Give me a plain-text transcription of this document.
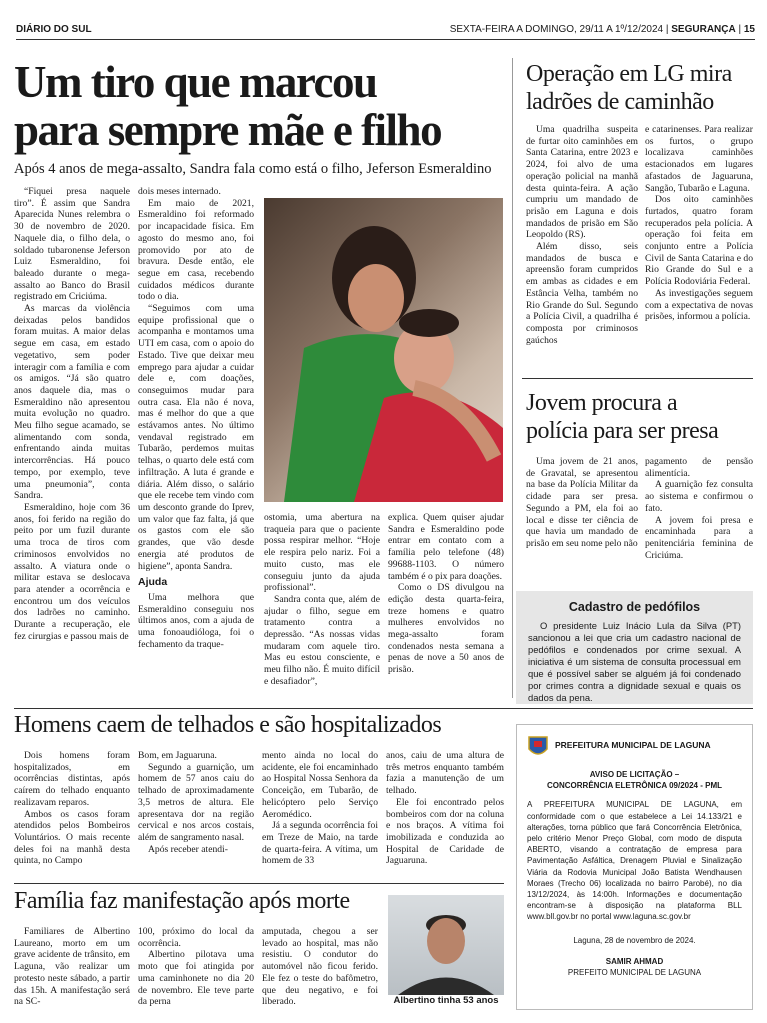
DIÁRIO DO SUL	SEXTA-FEIRA A DOMINGO, 29/11 A 1º/12/2024 | SEGURANÇA | 15
Um tiro que marcou
para sempre mãe e filho
Após 4 anos de mega-assalto, Sandra fala como está o filho, Jeferson Esmeraldino

“Fiquei presa naquele tiro”. É assim que Sandra Aparecida Nunes relembra o 30 de novembro de 2020. Naquele dia, o filho dela, o soldado tubaronense Jeferson Luiz Esmeraldino, foi baleado durante o mega-assalto ao Banco do Brasil registrado em Criciúma.

As marcas da violência deixadas pelos bandidos foram muitas. A maior delas segue em casa, em estado vegetativo, sem poder interagir com a família e com os amigos. “Já são quatro anos daquele dia, mas o Esmeraldino não apresentou muita evolução no quadro. Meu filho segue acamado, se alimentando com sonda, enfrentando ainda muitas intercorrências. Há pouco tempo, por exemplo, teve uma pneumonia”, conta Sandra.

Esmeraldino, hoje com 36 anos, foi ferido na região do peito por um fuzil durante uma troca de tiros com criminosos envolvidos no assalto. A viatura onde o militar estava se deslocava para atender a ocorrência e encontrou um dos veículos dos ladrões no caminho. Durante a recuperação, ele fez cirurgias e passou mais de

dois meses internado.

Em maio de 2021, Esmeraldino foi reformado por incapacidade física. Em agosto do mesmo ano, foi promovido por ato de bravura. Desde então, ele segue em casa, recebendo cuidados médicos durante todo o dia.

“Seguimos com uma equipe profissional que o acompanha e montamos uma UTI em casa, com o apoio do Estado. Tive que deixar meu emprego para ajudar a cuidar dele e, com doações, conseguimos mudar para outra casa. Ela não é nova, mas é melhor do que a que estávamos antes. No último vendaval registrado em Tubarão, perdemos muitas telhas, o quarto dele está com infiltração. A luta é grande e diária. Além disso, o salário que ele recebe tem vindo com um desconto grande do Iprev, um valor que faz falta, já que os gastos com ele são grandes, que vão desde energia até produtos de higiene”, aponta Sandra.

Ajuda

Uma melhora que Esmeraldino conseguiu nos últimos anos, com a ajuda de uma fonoaudióloga, foi o fechamento da traque-

ostomia, uma abertura na traqueia para que o paciente possa respirar melhor. “Hoje ele respira pelo nariz. Foi a muito custo, mas ele conseguiu junto da ajuda profissional”.

Sandra conta que, além de ajudar o filho, segue em tratamento contra a depressão. “As nossas vidas mudaram com aquele tiro. Mas eu estou consciente, e meu filho não. É muito difícil e desafiador”,

explica. Quem quiser ajudar Sandra e Esmeraldino pode entrar em contato com a família pelo telefone (48) 99688-1103. O número também é o pix para doações.

Como o DS divulgou na edição desta quarta-feira, treze homens e quatro mulheres envolvidos no mega-assalto foram condenados nesta semana a penas de nove a 50 anos de prisão.

Operação em LG mira
ladrões de caminhão

Uma quadrilha suspeita de furtar oito caminhões em Santa Catarina, entre 2023 e 2024, foi alvo de uma operação policial na manhã desta quinta-feira. A ação cumpriu um mandado de prisão em Laguna e dois mandados de prisão em São Leopoldo (RS).

Além disso, seis mandados de busca e apreensão foram cumpridos em ambas as cidades e em Estância Velha, também no Rio Grande do Sul. Segundo a Polícia Civil, a quadrilha é composta por criminosos gaúchos

e catarinenses. Para realizar os furtos, o grupo localizava caminhões estacionados em lugares afastados de Jaguaruna, Sangão, Tubarão e Laguna.

Dos oito caminhões furtados, quatro foram recuperados pela polícia. A operação foi feita em conjunto entre a Polícia Civil de Santa Catarina e do Rio Grande do Sul e a Polícia Rodoviária Federal.

As investigações seguem com a expectativa de novas prisões, informou a polícia.

Jovem procura a
polícia para ser presa

Uma jovem de 21 anos, de Gravatal, se apresentou na base da Polícia Militar da cidade para ser presa. Segundo a PM, ela foi ao local e disse ter ciência de que havia um mandado de prisão em seu nome pelo não

pagamento de pensão alimentícia.

A guarnição fez consulta ao sistema e confirmou o fato.

A jovem foi presa e encaminhada para a penitenciária feminina de Criciúma.

Cadastro de pedófilos
O presidente Luiz Inácio Lula da Silva (PT) sancionou a lei que cria um cadastro nacional de pedófilos e condenados por crime sexual. A iniciativa é um sistema de consulta processual em que é possível saber se alguém já foi condenado por crimes contra a dignidade sexual e quais os dados da pena.
Homens caem de telhados e são hospitalizados

Dois homens foram hospitalizados, em ocorrências distintas, após caírem do telhado enquanto realizavam reparos.

Ambos os casos foram atendidos pelos Bombeiros Voluntários. O mais recente deles foi na manhã desta quinta, no Campo

Bom, em Jaguaruna.

Segundo a guarnição, um homem de 57 anos caiu do telhado de aproximadamente 3,5 metros de altura. Ele apresentava dor na região cervical e nos arcos costais, além de sangramento nasal.

Após receber atendi-

mento ainda no local do acidente, ele foi encaminhado ao Hospital Nossa Senhora da Conceição, em Tubarão, de helicóptero pelo Serviço Aeromédico.

Já a segunda ocorrência foi em Treze de Maio, na tarde de quarta-feira. A vítima, um homem de 33

anos, caiu de uma altura de três metros enquanto também fazia a manutenção de um telhado.

Ele foi encontrado pelos bombeiros com dor na coluna e nos braços. A vítima foi imobilizada e conduzida ao Hospital de Caridade de Jaguaruna.

Família faz manifestação após morte

Familiares de Albertino Laureano, morto em um grave acidente de trânsito, em Laguna, vão realizar um protesto neste sábado, a partir das 15h. A manifestação será na SC-

100, próximo do local da ocorrência.

Albertino pilotava uma moto que foi atingida por uma caminhonete no dia 20 de novembro. Ele teve parte da perna

amputada, chegou a ser levado ao hospital, mas não resistiu. O condutor do automóvel não ficou ferido. Ele fez o teste do bafômetro, que deu negativo, e foi liberado.	Albertino tinha 53 anos
PREFEITURA MUNICIPAL DE LAGUNA
AVISO DE LICITAÇÃO –
CONCORRÊNCIA ELETRÔNICA 09/2024 - PML
A PREFEITURA MUNICIPAL DE LAGUNA, em conformidade com o que estabelece a Lei 14.133/21 e alterações, torna público que fará Concorrência Eletrônica, pelo critério Menor Preço Global, com modo de disputa ABERTO, visando a contratação de empresa para Pavimentação Asfáltica, Drenagem Pluvial e Sinalização Viária da Rodovia Municipal João Batista Wendhausen Moraes (Trecho 06) localizada no bairro Parobé), no dia 13/12/2024, às 14:00h. Informações e documentação encontram-se à disposição na plataforma BLL www.bll.gov.br no portal www.laguna.sc.gov.br
Laguna, 28 de novembro de 2024.
SAMIR AHMAD
PREFEITO MUNICIPAL DE LAGUNA
